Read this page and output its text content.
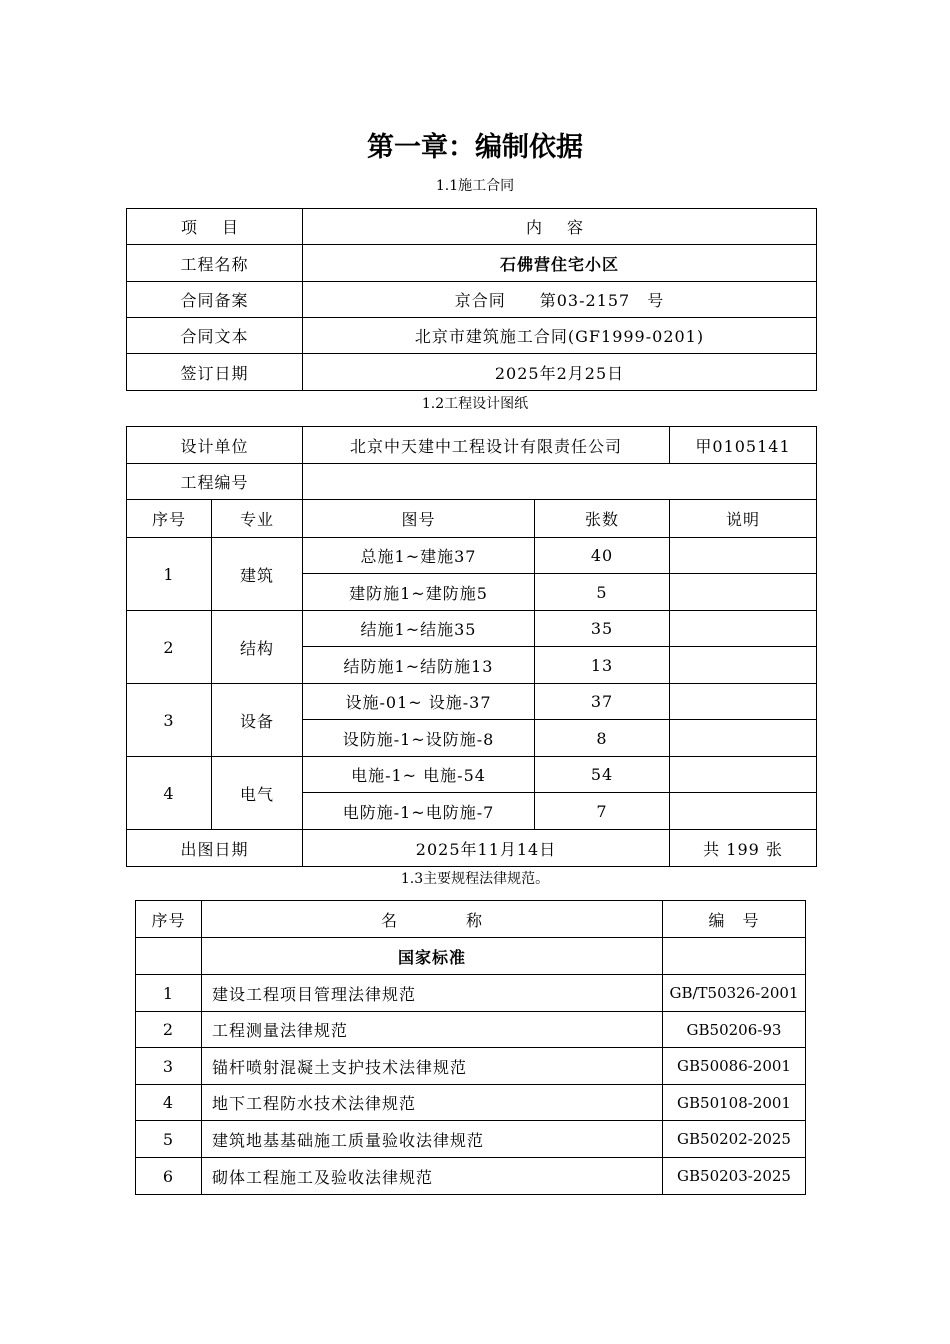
第一章：编制依据
1.1施工合同
项 目	内 容
工程名称	石佛营住宅小区
合同备案	京合同　　第03-2157　号
合同文本	北京市建筑施工合同(GF1999-0201)
签订日期	2025年2月25日
1.2工程设计图纸
设计单位		北京中天建中工程设计有限责任公司		甲0105141
工程编号				
序号	专业	图号	张数	说明
1	建筑	总施1~建施37	40	
		建防施1~建防施5	5	
2	结构	结施1~结施35	35	
		结防施1~结防施13	13	
3	设备	设施-01~ 设施-37	37	
		设防施-1~设防施-8	8	
4	电气	电施-1~ 电施-54	54	
		电防施-1~电防施-7	7	
出图日期		2025年11月14日		共 199 张
1.3主要规程法律规范。
序号	名　　　　称	编　号
	国家标准	
1	建设工程项目管理法律规范	GB/T50326-2001
2	工程测量法律规范	GB50206-93
3	锚杆喷射混凝土支护技术法律规范	GB50086-2001
4	地下工程防水技术法律规范	GB50108-2001
5	建筑地基基础施工质量验收法律规范	GB50202-2025
6	砌体工程施工及验收法律规范	GB50203-2025
